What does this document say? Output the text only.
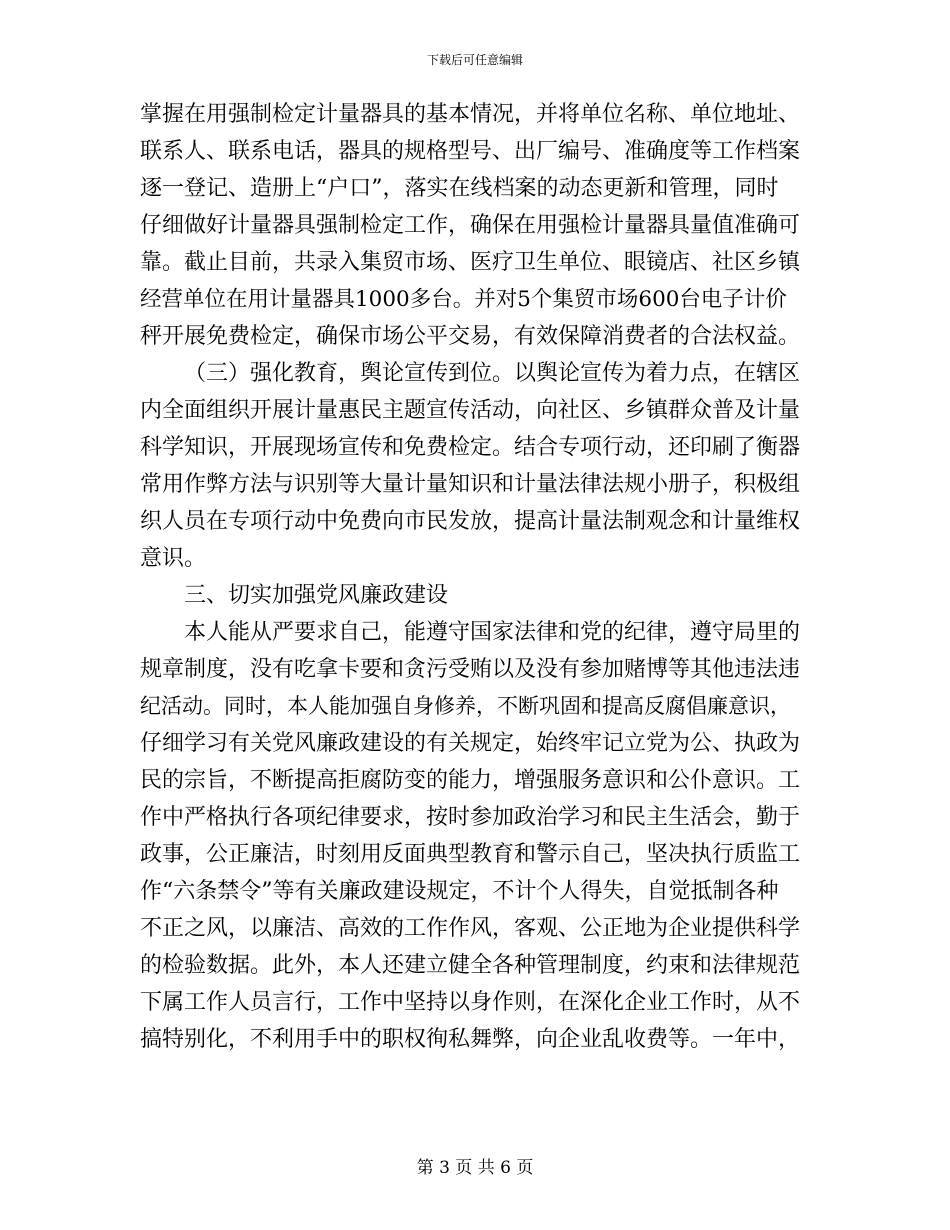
下载后可任意编辑
掌握在用强制检定计量器具的基本情况，并将单位名称、单位地址、
联系人、联系电话，器具的规格型号、出厂编号、准确度等工作档案
逐一登记、造册上“户口”，落实在线档案的动态更新和管理，同时
仔细做好计量器具强制检定工作，确保在用强检计量器具量值准确可
靠。截止目前，共录入集贸市场、医疗卫生单位、眼镜店、社区乡镇
经营单位在用计量器具1000多台。并对5个集贸市场600台电子计价
秤开展免费检定，确保市场公平交易，有效保障消费者的合法权益。
（三）强化教育，舆论宣传到位。以舆论宣传为着力点，在辖区
内全面组织开展计量惠民主题宣传活动，向社区、乡镇群众普及计量
科学知识，开展现场宣传和免费检定。结合专项行动，还印刷了衡器
常用作弊方法与识别等大量计量知识和计量法律法规小册子，积极组
织人员在专项行动中免费向市民发放，提高计量法制观念和计量维权
意识。
三、切实加强党风廉政建设
本人能从严要求自己，能遵守国家法律和党的纪律，遵守局里的
规章制度，没有吃拿卡要和贪污受贿以及没有参加赌博等其他违法违
纪活动。同时，本人能加强自身修养，不断巩固和提高反腐倡廉意识，
仔细学习有关党风廉政建设的有关规定，始终牢记立党为公、执政为
民的宗旨，不断提高拒腐防变的能力，增强服务意识和公仆意识。工
作中严格执行各项纪律要求，按时参加政治学习和民主生活会，勤于
政事，公正廉洁，时刻用反面典型教育和警示自己，坚决执行质监工
作“六条禁令”等有关廉政建设规定，不计个人得失，自觉抵制各种
不正之风，以廉洁、高效的工作作风，客观、公正地为企业提供科学
的检验数据。此外，本人还建立健全各种管理制度，约束和法律规范
下属工作人员言行，工作中坚持以身作则，在深化企业工作时，从不
搞特别化，不利用手中的职权徇私舞弊，向企业乱收费等。一年中，
第 3 页 共 6 页
